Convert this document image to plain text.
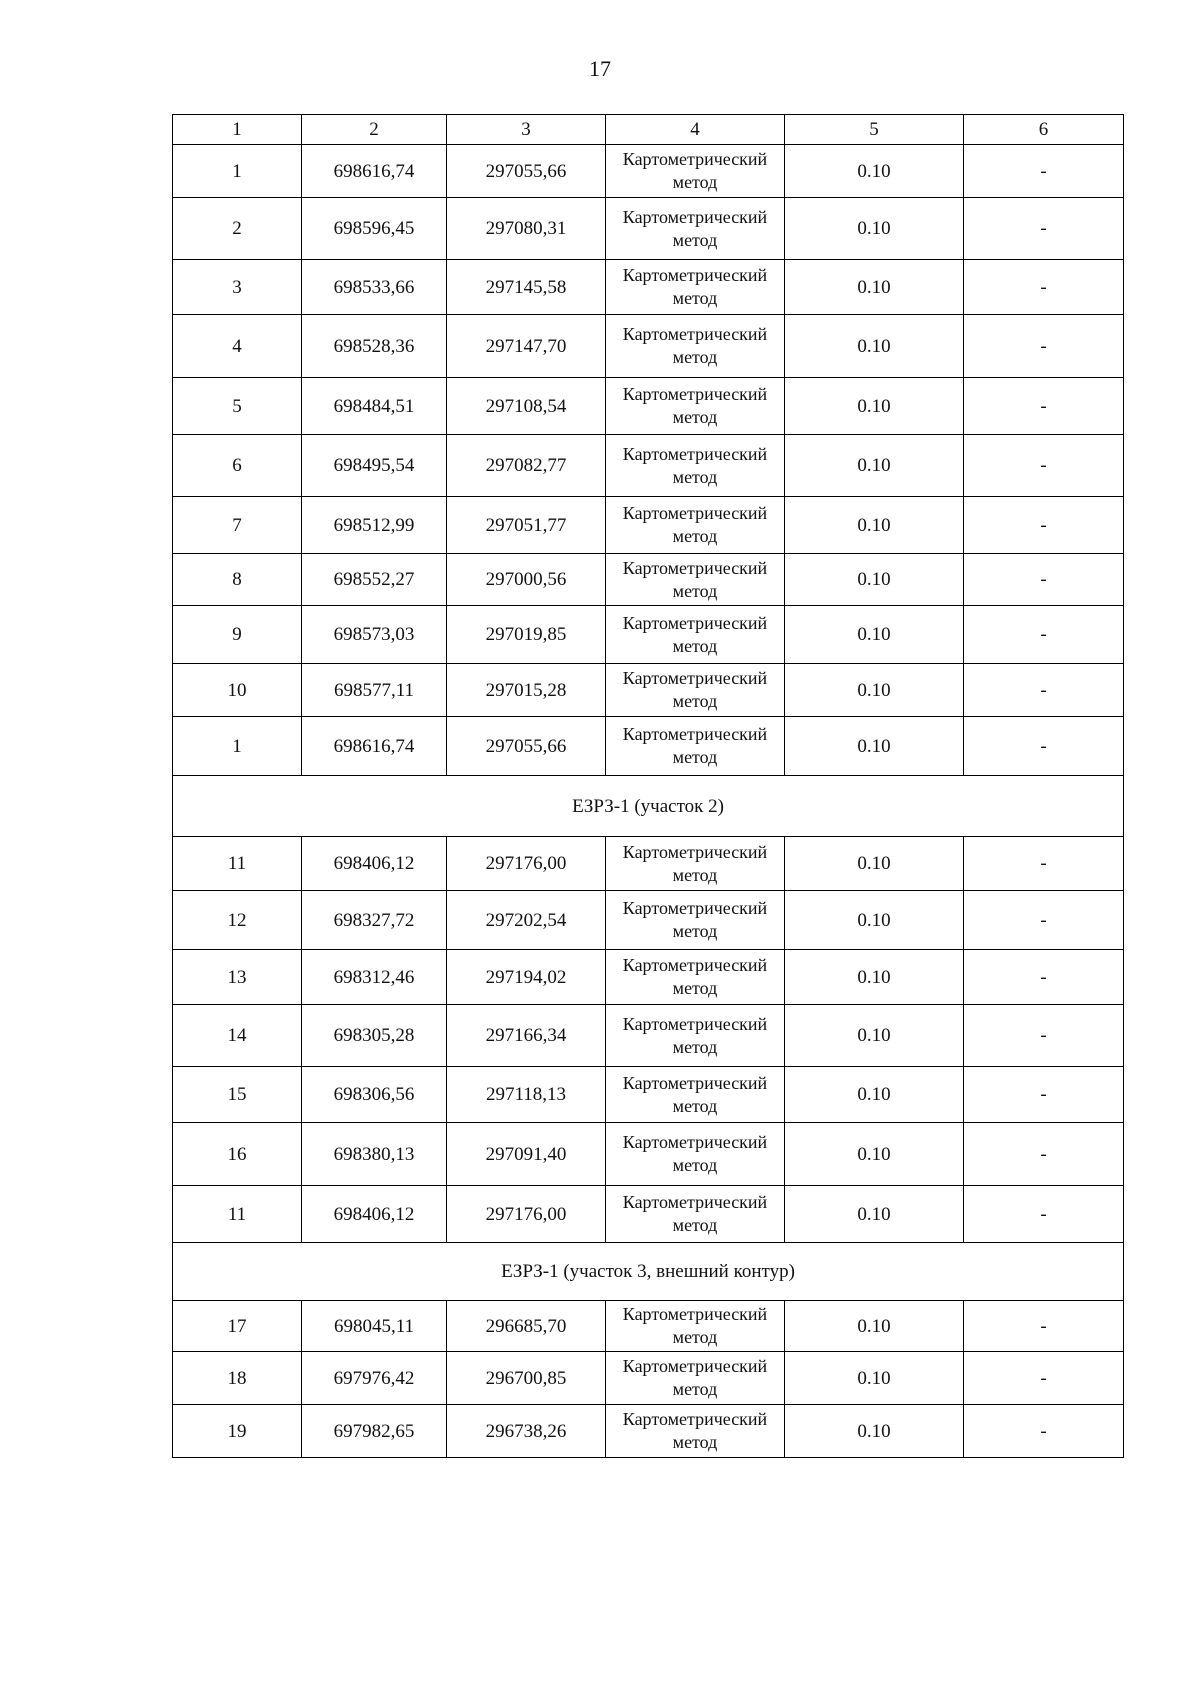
17
1	2	3	4	5	6
1	698616,74	297055,66	Картометрический метод	0.10	-
2	698596,45	297080,31	Картометрический метод	0.10	-
3	698533,66	297145,58	Картометрический метод	0.10	-
4	698528,36	297147,70	Картометрический метод	0.10	-
5	698484,51	297108,54	Картометрический метод	0.10	-
6	698495,54	297082,77	Картометрический метод	0.10	-
7	698512,99	297051,77	Картометрический метод	0.10	-
8	698552,27	297000,56	Картометрический метод	0.10	-
9	698573,03	297019,85	Картометрический метод	0.10	-
10	698577,11	297015,28	Картометрический метод	0.10	-
1	698616,74	297055,66	Картометрический метод	0.10	-
ЕЗРЗ-1 (участок 2)					
11	698406,12	297176,00	Картометрический метод	0.10	-
12	698327,72	297202,54	Картометрический метод	0.10	-
13	698312,46	297194,02	Картометрический метод	0.10	-
14	698305,28	297166,34	Картометрический метод	0.10	-
15	698306,56	297118,13	Картометрический метод	0.10	-
16	698380,13	297091,40	Картометрический метод	0.10	-
11	698406,12	297176,00	Картометрический метод	0.10	-
ЕЗРЗ-1 (участок 3, внешний контур)					
17	698045,11	296685,70	Картометрический метод	0.10	-
18	697976,42	296700,85	Картометрический метод	0.10	-
19	697982,65	296738,26	Картометрический метод	0.10	-
